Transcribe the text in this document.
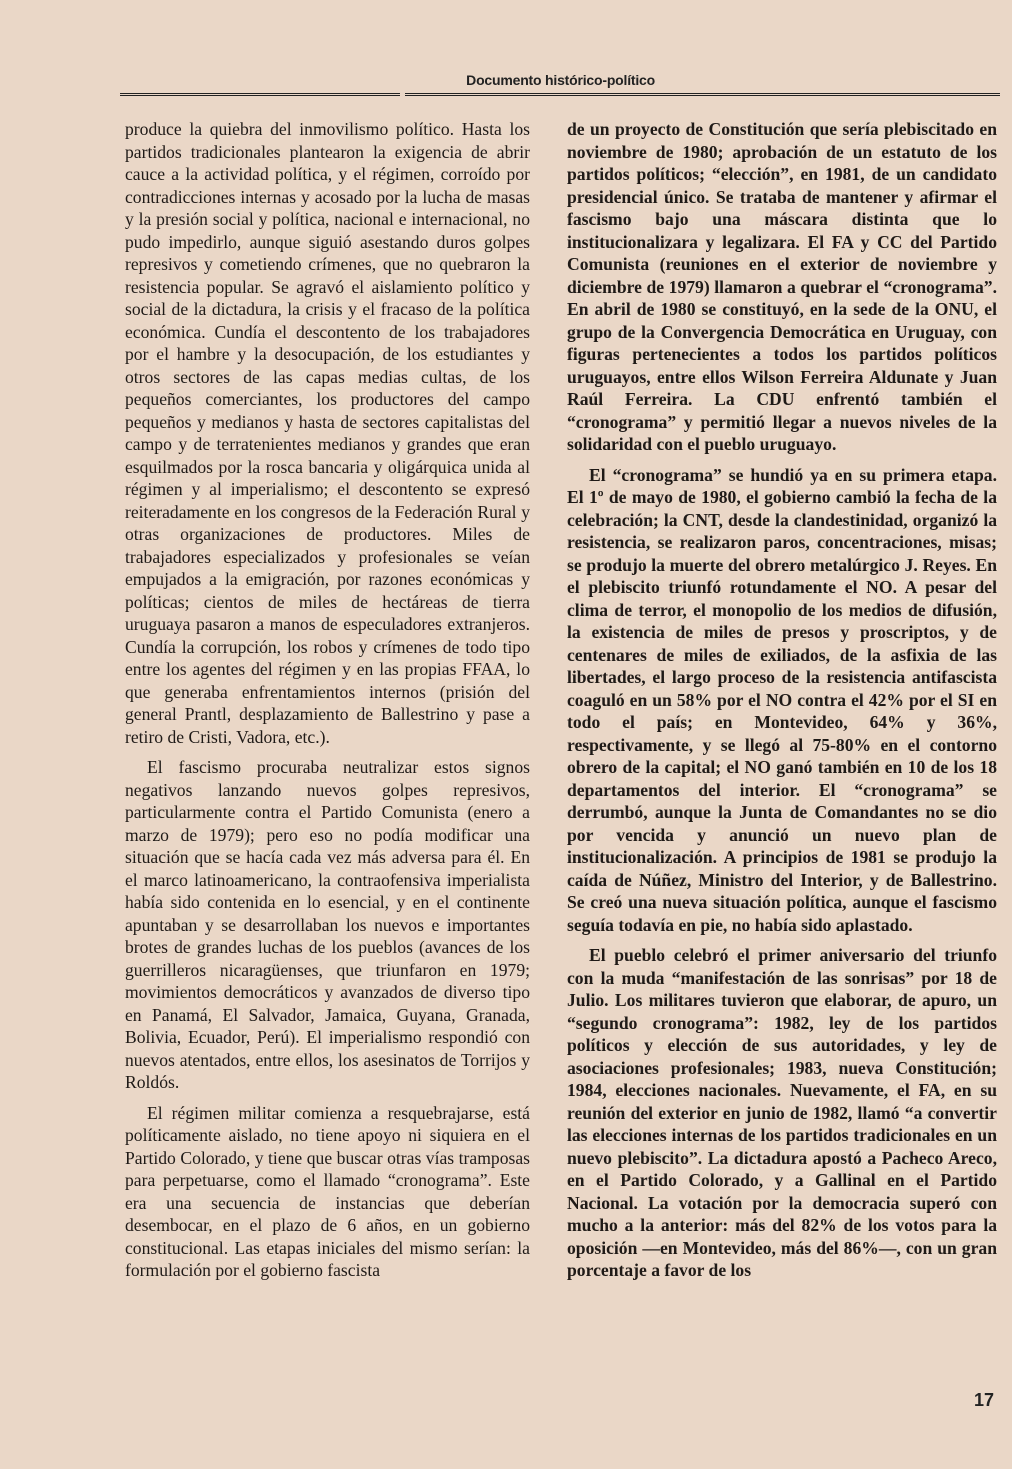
Documento histórico-político

produce la quiebra del inmovilismo político. Hasta los partidos tradicionales plantearon la exigencia de abrir cauce a la actividad política, y el régimen, corroído por contradicciones internas y acosado por la lucha de masas y la presión social y política, nacional e internacional, no pudo impedirlo, aunque siguió asestando duros golpes represivos y cometiendo crímenes, que no quebraron la resistencia popular. Se agravó el aislamiento político y social de la dictadura, la crisis y el fracaso de la política económica. Cundía el descontento de los trabajadores por el hambre y la desocupación, de los estudiantes y otros sectores de las capas medias cultas, de los pequeños comerciantes, los productores del campo pequeños y medianos y hasta de sectores capitalistas del campo y de terratenientes medianos y grandes que eran esquilmados por la rosca bancaria y oligárquica unida al régimen y al imperialismo; el descontento se expresó reiteradamente en los congresos de la Federación Rural y otras organizaciones de productores. Miles de trabajadores especializados y profesionales se veían empujados a la emigración, por razones económicas y políticas; cientos de miles de hectáreas de tierra uruguaya pasaron a manos de especuladores extranjeros. Cundía la corrupción, los robos y crímenes de todo tipo entre los agentes del régimen y en las propias FFAA, lo que generaba enfrentamientos internos (prisión del general Prantl, desplazamiento de Ballestrino y pase a retiro de Cristi, Vadora, etc.).

El fascismo procuraba neutralizar estos signos negativos lanzando nuevos golpes represivos, particularmente contra el Partido Comunista (enero a marzo de 1979); pero eso no podía modificar una situación que se hacía cada vez más adversa para él. En el marco latinoamericano, la contraofensiva imperialista había sido contenida en lo esencial, y en el continente apuntaban y se desarrollaban los nuevos e importantes brotes de grandes luchas de los pueblos (avances de los guerrilleros nicaragüenses, que triunfaron en 1979; movimientos democráticos y avanzados de diverso tipo en Panamá, El Salvador, Jamaica, Guyana, Granada, Bolivia, Ecuador, Perú). El imperialismo respondió con nuevos atentados, entre ellos, los asesinatos de Torrijos y Roldós.

El régimen militar comienza a resquebrajarse, está políticamente aislado, no tiene apoyo ni siquiera en el Partido Colorado, y tiene que buscar otras vías tramposas para perpetuarse, como el llamado “cronograma”. Este era una secuencia de instancias que deberían desembocar, en el plazo de 6 años, en un gobierno constitucional. Las etapas iniciales del mismo serían: la formulación por el gobierno fascista

de un proyecto de Constitución que sería plebiscitado en noviembre de 1980; aprobación de un estatuto de los partidos políticos; “elección”, en 1981, de un candidato presidencial único. Se trataba de mantener y afirmar el fascismo bajo una máscara distinta que lo institucionalizara y legalizara. El FA y CC del Partido Comunista (reuniones en el exterior de noviembre y diciembre de 1979) llamaron a quebrar el “cronograma”. En abril de 1980 se constituyó, en la sede de la ONU, el grupo de la Convergencia Democrática en Uruguay, con figuras pertenecientes a todos los partidos políticos uruguayos, entre ellos Wilson Ferreira Aldunate y Juan Raúl Ferreira. La CDU enfrentó también el “cronograma” y permitió llegar a nuevos niveles de la solidaridad con el pueblo uruguayo.

El “cronograma” se hundió ya en su primera etapa. El 1º de mayo de 1980, el gobierno cambió la fecha de la celebración; la CNT, desde la clandestinidad, organizó la resistencia, se realizaron paros, concentraciones, misas; se produjo la muerte del obrero metalúrgico J. Reyes. En el plebiscito triunfó rotundamente el NO. A pesar del clima de terror, el monopolio de los medios de difusión, la existencia de miles de presos y proscriptos, y de centenares de miles de exiliados, de la asfixia de las libertades, el largo proceso de la resistencia antifascista coaguló en un 58% por el NO contra el 42% por el SI en todo el país; en Montevideo, 64% y 36%, respectivamente, y se llegó al 75-80% en el contorno obrero de la capital; el NO ganó también en 10 de los 18 departamentos del interior. El “cronograma” se derrumbó, aunque la Junta de Comandantes no se dio por vencida y anunció un nuevo plan de institucionalización. A principios de 1981 se produjo la caída de Núñez, Ministro del Interior, y de Ballestrino. Se creó una nueva situación política, aunque el fascismo seguía todavía en pie, no había sido aplastado.

El pueblo celebró el primer aniversario del triunfo con la muda “manifestación de las sonrisas” por 18 de Julio. Los militares tuvieron que elaborar, de apuro, un “segundo cronograma”: 1982, ley de los partidos políticos y elección de sus autoridades, y ley de asociaciones profesionales; 1983, nueva Constitución; 1984, elecciones nacionales. Nuevamente, el FA, en su reunión del exterior en junio de 1982, llamó “a convertir las elecciones internas de los partidos tradicionales en un nuevo plebiscito”. La dictadura apostó a Pacheco Areco, en el Partido Colorado, y a Gallinal en el Partido Nacional. La votación por la democracia superó con mucho a la anterior: más del 82% de los votos para la oposición —en Montevideo, más del 86%—, con un gran porcentaje a favor de los

17
